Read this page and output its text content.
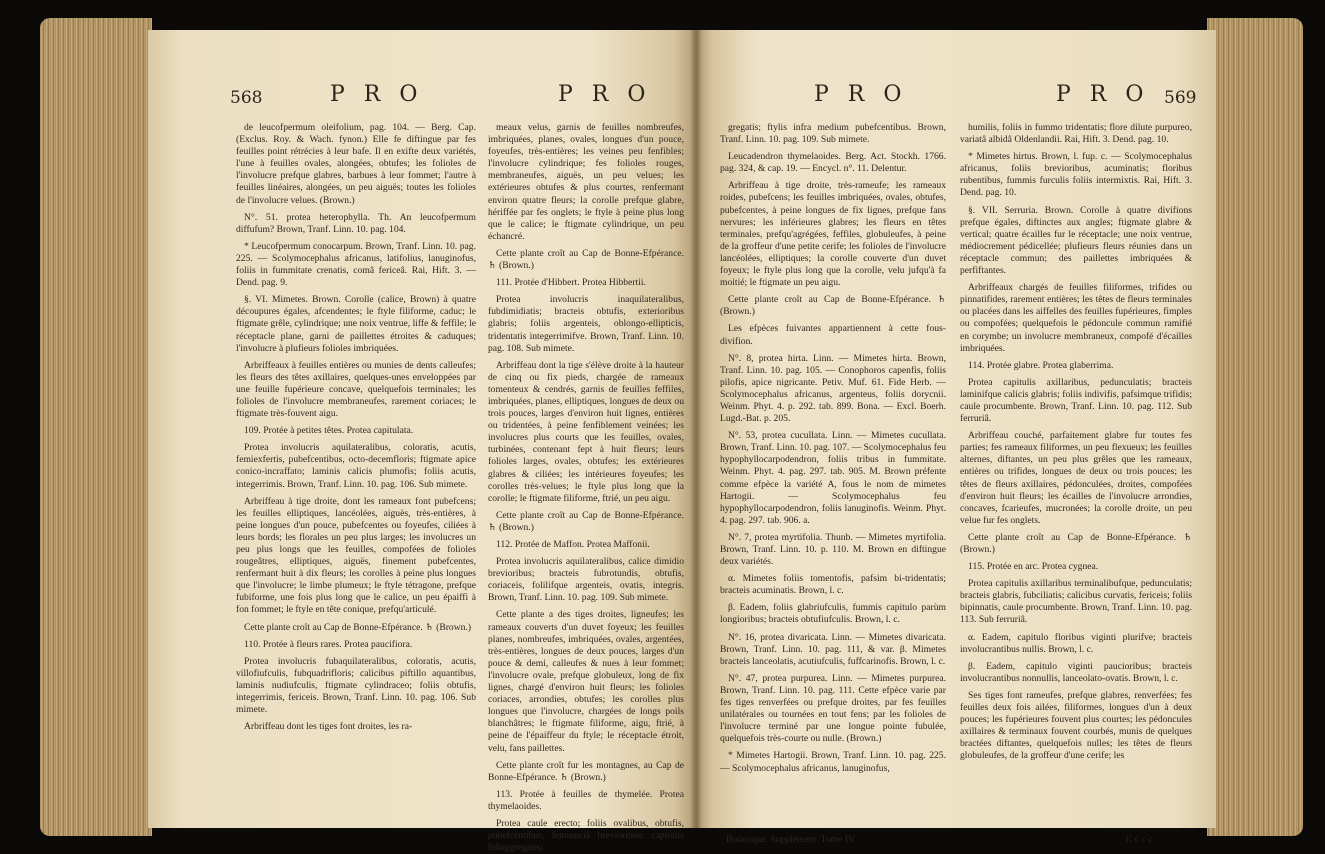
568	P R O	P R O

de leucofpermum oleifolium, pag. 104. — Berg. Cap. (Exclus. Roy. & Wach. fynon.) Elle fe diftingue par fes feuilles point rétrécies à leur bafe. Il en exifte deux variétés, l'une à feuilles ovales, alongées, obtufes; les folioles de l'involucre prefque glabres, barbues à leur fommet; l'autre à feuilles linéaires, alongées, un peu aiguës; toutes les folioles de l'involucre velues. (Brown.)

N°. 51. protea heterophylla. Th. An leucofpermum diffufum? Brown, Tranf. Linn. 10. pag. 104.

* Leucofpermum conocarpum. Brown, Tranf. Linn. 10. pag. 225. — Scolymocephalus africanus, latifolius, lanuginofus, foliis in fummitate crenatis, comâ fericeâ. Rai, Hift. 3. — Dend. pag. 9.

§. VI. Mimetes. Brown. Corolle (calice, Brown) à quatre découpures égales, afcendentes; le ftyle filiforme, caduc; le ftigmate grêle, cylindrique; une noix ventrue, liffe & feffile; le réceptacle plane, garni de paillettes étroites & caduques; l'involucre à plufieurs folioles imbriquées.

Arbriffeaux à feuilles entières ou munies de dents calleufes; les fleurs des têtes axillaires, quelques-unes enveloppées par une feuille fupérieure concave, quelquefois terminales; les folioles de l'involucre membraneufes, rarement coriaces; le ftigmate très-fouvent aigu.

109. Protée à petites têtes. Protea capitulata.

Protea involucris aquilateralibus, coloratis, acutis, femiexfertis, pubefcentibus, octo-decemfloris; ftigmate apice conico-incraffato; laminis calicis plumofis; foliis acutis, integerrimis. Brown, Tranf. Linn. 10. pag. 106. Sub mimete.

Arbriffeau à tige droite, dont les rameaux font pubefcens; les feuilles elliptiques, lancéolées, aiguës, très-entières, à peine longues d'un pouce, pubefcentes ou foyeufes, ciliées à leurs bords; les florales un peu plus larges; les involucres un peu plus longs que les feuilles, compofées de folioles rougeâtres, elliptiques, aiguës, finement pubefcentes, renfermant huit à dix fleurs; les corolles à peine plus longues que l'involucre; le limbe plumeux; le ftyle tétragone, prefque fubiforme, une fois plus long que le calice, un peu épaiffi à fon fommet; le ftyle en tête conique, prefqu'articulé.

Cette plante croît au Cap de Bonne-Efpérance. ♄ (Brown.)

110. Protée à fleurs rares. Protea paucifiora.

Protea involucris fubaquilateralibus, coloratis, acutis, villofiufculis, fubquadrifloris; calicibus piftillo aquantibus, laminis nudiufculis, ftigmate cylindraceo; foliis obtufis, integerrimis, fericeis. Brown, Tranf. Linn. 10. pag. 106. Sub mimete.

Arbriffeau dont les tiges font droites, les ra-

meaux velus, garnis de feuilles nombreufes, imbriquées, planes, ovales, longues d'un pouce, foyeufes, très-entières; les veines peu fenfibles; l'involucre cylindrique; fes folioles rouges, membraneufes, aiguës, un peu velues; les extérieures obtufes & plus courtes, renfermant environ quatre fleurs; la corolle prefque glabre, hériffée par fes onglets; le ftyle à peine plus long que le calice; le ftigmate cylindrique, un peu échancré.

Cette plante croît au Cap de Bonne-Efpérance. ♄ (Brown.)

111. Protée d'Hibbert. Protea Hibbertii.

Protea involucris inaquilateralibus, fubdimidiatis; bracteis obtufis, exterioribus glabris; foliis argenteis, oblongo-ellipticis, tridentatis integerrimifve. Brown, Tranf. Linn. 10. pag. 108. Sub mimete.

Arbriffeau dont la tige s'élève droite à la hauteur de cinq ou fix pieds, chargée de rameaux tomenteux & cendrés, garnis de feuilles feffiles, imbriquées, planes, elliptiques, longues de deux ou trois pouces, larges d'environ huit lignes, entières ou tridentées, à peine fenfiblement veinées; les involucres plus courts que les feuilles, ovales, turbinées, contenant fept à huit fleurs; leurs folioles larges, ovales, obtufes; les extérieures glabres & ciliées; les intérieures foyeufes; les corolles très-velues; le ftyle plus long que la corolle; le ftigmate filiforme, ftrié, un peu aigu.

Cette plante croît au Cap de Bonne-Efpérance. ♄ (Brown.)

112. Protée de Maffon. Protea Maffonii.

Protea involucris aquilateralibus, calice dimidio brevioribus; bracteis fubrotundis, obtufis, coriaceis, folilifque argenteis, ovatis, integris. Brown, Tranf. Linn. 10. pag. 109. Sub mimete.

Cette plante a des tiges droites, ligneufes; les rameaux couverts d'un duvet foyeux; les feuilles planes, nombreufes, imbriquées, ovales, argentées, très-entières, longues de deux pouces, larges d'un pouce & demi, calleufes & nues à leur fommet; l'involucre ovale, prefque globuleux, long de fix lignes, chargé d'environ huit fleurs; les folioles coriaces, arrondies, obtufes; les corolles plus longues que l'involucre, chargées de longs poils blanchâtres; le ftigmate filiforme, aigu, ftrié, à peine de l'épaiffeur du ftyle; le réceptacle étroit, velu, fans paillettes.

Cette plante croît fur les montagnes, au Cap de Bonne-Efpérance. ♄ (Brown.)

113. Protée à feuilles de thymelée. Protea thymelaoides.

Protea caule erecto; foliis ovalibus, obtufis, pubefcentibus, femiunciâ brevioribus; capitulis fubaggregatis;

P R O	P R O 569

gregatis; ftylis infra medium pubefcentibus. Brown, Tranf. Linn. 10. pag. 109. Sub mimete.

Leucadendron thymelaoides. Berg. Act. Stockh. 1766. pag. 324, & cap. 19. — Encycl. n°. 11. Delentur.

Arbriffeau à tige droite, très-rameufe; les rameaux roides, pubefcens; les feuilles imbriquées, ovales, obtufes, pubefcentes, à peine longues de fix lignes, prefque fans nervures; les inférieures glabres; les fleurs en têtes terminales, prefqu'agrégées, feffiles, globuleufes, à peine de la groffeur d'une petite cerife; les folioles de l'involucre lancéolées, elliptiques; la corolle couverte d'un duvet foyeux; le ftyle plus long que la corolle, velu jufqu'à fa moitié; le ftigmate un peu aigu.

Cette plante croît au Cap de Bonne-Efpérance. ♄ (Brown.)

Les efpèces fuivantes appartiennent à cette fous-divifion.

N°. 8, protea hirta. Linn. — Mimetes hirta. Brown, Tranf. Linn. 10. pag. 105. — Conophoros capenfis, foliis pilofis, apice nigricante. Petiv. Muf. 61. Fide Herb. — Scolymocephalus africanus, argenteus, foliis dorycnii. Weinm. Phyt. 4. p. 292. tab. 899. Bona. — Excl. Boerh. Lugd.-Bat. p. 205.

N°. 53, protea cucullata. Linn. — Mimetes cucullata. Brown, Tranf. Linn. 10. pag. 107. — Scolymocephalus feu hypophyllocarpodendron, foliis tribus in fummitate. Weinm. Phyt. 4. pag. 297. tab. 905. M. Brown préfente comme efpèce la variété A, fous le nom de mimetes Hartogii. — Scolymocephalus feu hypophyllocarpodendron, foliis lanuginofis. Weinm. Phyt. 4. pag. 297. tab. 906. a.

N°. 7, protea myrtifolia. Thunb. — Mimetes myrtifolia. Brown, Tranf. Linn. 10. p. 110. M. Brown en diftingue deux variétés.

α. Mimetes foliis tomentofis, pafsim bi-tridentatis; bracteis acuminatis. Brown, l. c.

β. Eadem, foliis glabriufculis, fummis capitulo parùm longioribus; bracteis obtufiufculis. Brown, l. c.

N°. 16, protea divaricata. Linn. — Mimetes divaricata. Brown, Tranf. Linn. 10. pag. 111, & var. β. Mimetes bracteis lanceolatis, acutiufculis, fuffcarinofis. Brown, l. c.

N°. 47, protea purpurea. Linn. — Mimetes purpurea. Brown, Tranf. Linn. 10. pag. 111. Cette efpèce varie par fes tiges renverfées ou prefque droites, par fes feuilles unilatérales ou tournées en tout fens; par les folioles de l'involucre terminé par une longue pointe fubulée, quelquefois très-courte ou nulle. (Brown.)

* Mimetes Hartogii. Brown, Tranf. Linn. 10. pag. 225. — Scolymocephalus africanus, lanuginofus,

humilis, foliis in fummo tridentatis; flore dilute purpureo, variatâ albidâ Oldenlandii. Rai, Hift. 3. Dend. pag. 10.

* Mimetes hirtus. Brown, l. fup. c. — Scolymocephalus africanus, foliis brevioribus, acuminatis; floribus rubentibus, fummis furculis foliis intermixtis. Rai, Hift. 3. Dend. pag. 10.

§. VII. Serruria. Brown. Corolle à quatre divifions prefque égales, diftinctes aux angles; ftigmate glabre & vertical; quatre écailles fur le réceptacle; une noix ventrue, médiocrement pédicellée; plufieurs fleurs réunies dans un réceptacle commun; des paillettes imbriquées & perfiftantes.

Arbriffeaux chargés de feuilles filiformes, trifides ou pinnatifides, rarement entières; les têtes de fleurs terminales ou placées dans les aiffelles des feuilles fupérieures, fimples ou compofées; quelquefois le pédoncule commun ramifié en corymbe; un involucre membraneux, compofé d'écailles imbriquées.

114. Protée glabre. Protea glaberrima.

Protea capitulis axillaribus, pedunculatis; bracteis laminifque calicis glabris; foliis indivifis, pafsimque trifidis; caule procumbente. Brown, Tranf. Linn. 10. pag. 112. Sub ferruriâ.

Arbriffeau couché, parfaitement glabre fur toutes fes parties; fes rameaux filiformes, un peu flexueux; les feuilles alternes, diftantes, un peu plus grêles que les rameaux, entières ou trifides, longues de deux ou trois pouces; les têtes de fleurs axillaires, pédonculées, droites, compofées d'environ huit fleurs; les écailles de l'involucre arrondies, concaves, fcarieufes, mucronées; la corolle droite, un peu velue fur fes onglets.

Cette plante croît au Cap de Bonne-Efpérance. ♄ (Brown.)

115. Protée en arc. Protea cygnea.

Protea capitulis axillaribus terminalibufque, pedunculatis; bracteis glabris, fubciliatis; calicibus curvatis, fericeis; foliis bipinnatis, caule procumbente. Brown, Tranf. Linn. 10. pag. 113. Sub ferruriâ.

α. Eadem, capitulo floribus viginti plurifve; bracteis involucrantibus nullis. Brown, l. c.

β. Eadem, capitulo viginti paucioribus; bracteis involucrantibus nonnullis, lanceolato-ovatis. Brown, l. c.

Ses tiges font rameufes, prefque glabres, renverfées; fes feuilles deux fois ailées, filiformes, longues d'un à deux pouces; les fupérieures fouvent plus courtes; les pédoncules axillaires & terminaux fouvent courbés, munis de quelques bractées diftantes, quelquefois nulles; les têtes de fleurs globuleufes, de la groffeur d'une cerife; les

Botanique. Supplément. Tome IV.	C c c c
